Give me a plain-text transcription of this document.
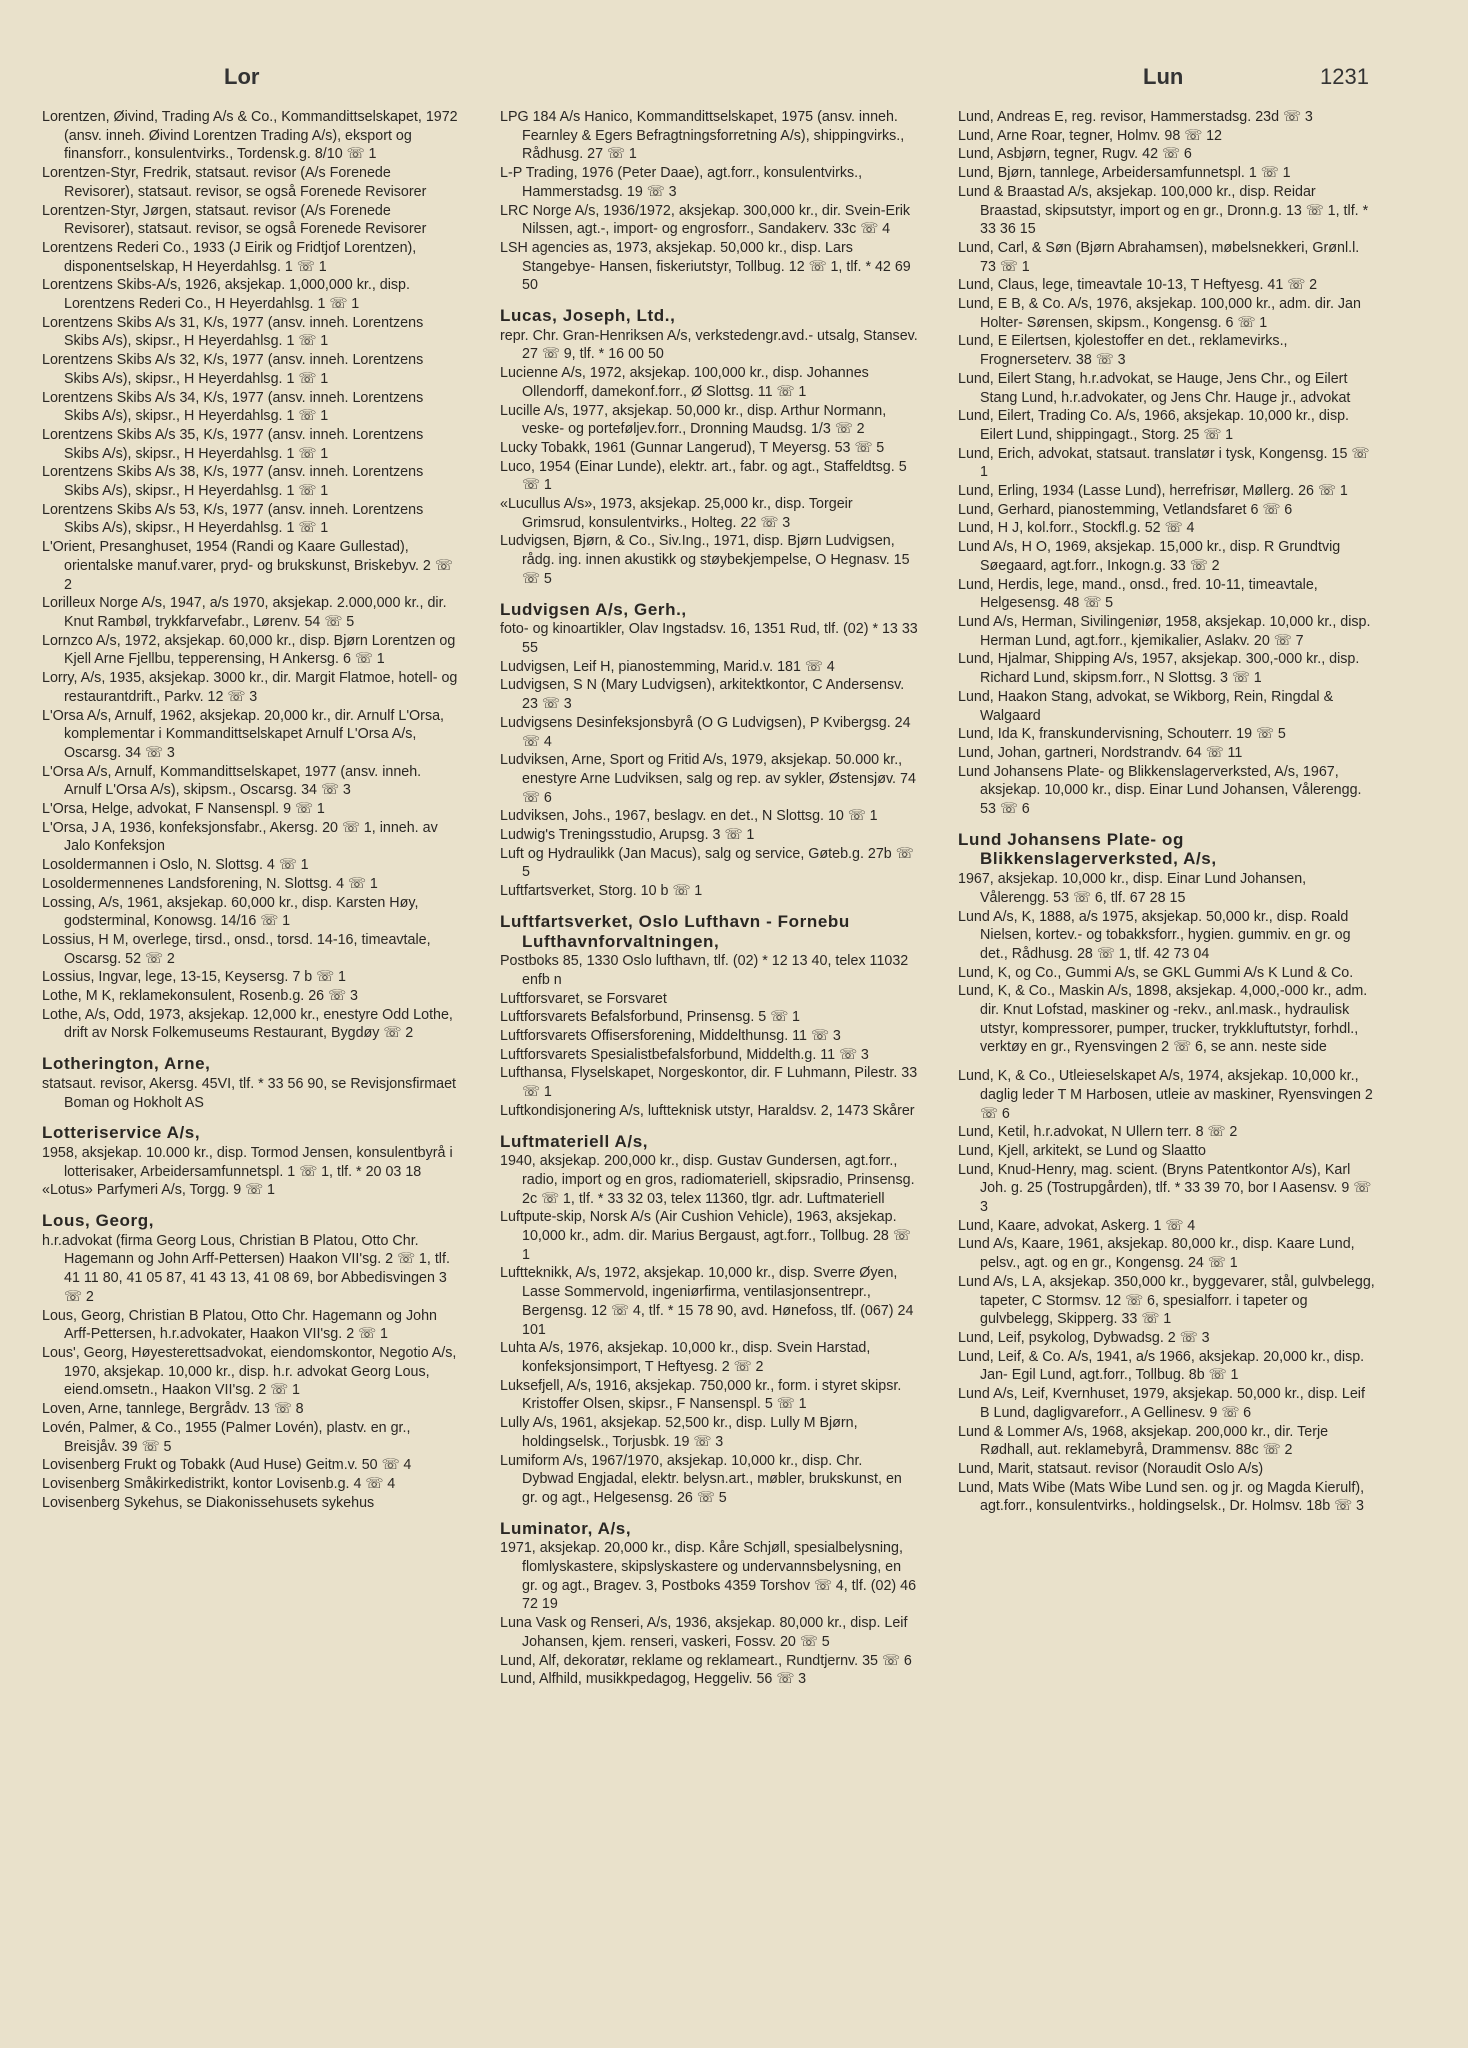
Lor	Lun	1231

Lorentzen, Øivind, Trading A/s & Co., Kommandittselskapet, 1972 (ansv. inneh. Øivind Lorentzen Trading A/s), eksport og finansforr., konsulentvirks., Tordensk.g. 8/10 ☏ 1

Lorentzen-Styr, Fredrik, statsaut. revisor (A/s Forenede Revisorer), statsaut. revisor, se også Forenede Revisorer

Lorentzen-Styr, Jørgen, statsaut. revisor (A/s Forenede Revisorer), statsaut. revisor, se også Forenede Revisorer

Lorentzens Rederi Co., 1933 (J Eirik og Fridtjof Lorentzen), disponentselskap, H Heyerdahlsg. 1 ☏ 1

Lorentzens Skibs-A/s, 1926, aksjekap. 1,000,000 kr., disp. Lorentzens Rederi Co., H Heyerdahlsg. 1 ☏ 1

Lorentzens Skibs A/s 31, K/s, 1977 (ansv. inneh. Lorentzens Skibs A/s), skipsr., H Heyerdahlsg. 1 ☏ 1

Lorentzens Skibs A/s 32, K/s, 1977 (ansv. inneh. Lorentzens Skibs A/s), skipsr., H Heyerdahlsg. 1 ☏ 1

Lorentzens Skibs A/s 34, K/s, 1977 (ansv. inneh. Lorentzens Skibs A/s), skipsr., H Heyerdahlsg. 1 ☏ 1

Lorentzens Skibs A/s 35, K/s, 1977 (ansv. inneh. Lorentzens Skibs A/s), skipsr., H Heyerdahlsg. 1 ☏ 1

Lorentzens Skibs A/s 38, K/s, 1977 (ansv. inneh. Lorentzens Skibs A/s), skipsr., H Heyerdahlsg. 1 ☏ 1

Lorentzens Skibs A/s 53, K/s, 1977 (ansv. inneh. Lorentzens Skibs A/s), skipsr., H Heyerdahlsg. 1 ☏ 1

L'Orient, Presanghuset, 1954 (Randi og Kaare Gullestad), orientalske manuf.varer, pryd- og brukskunst, Briskebyv. 2 ☏ 2

Lorilleux Norge A/s, 1947, a/s 1970, aksjekap. 2.000,000 kr., dir. Knut Rambøl, trykkfarvefabr., Lørenv. 54 ☏ 5

Lornzco A/s, 1972, aksjekap. 60,000 kr., disp. Bjørn Lorentzen og Kjell Arne Fjellbu, tepperensing, H Ankersg. 6 ☏ 1

Lorry, A/s, 1935, aksjekap. 3000 kr., dir. Margit Flatmoe, hotell- og restaurantdrift., Parkv. 12 ☏ 3

L'Orsa A/s, Arnulf, 1962, aksjekap. 20,000 kr., dir. Arnulf L'Orsa, komplementar i Kommandittselskapet Arnulf L'Orsa A/s, Oscarsg. 34 ☏ 3

L'Orsa A/s, Arnulf, Kommandittselskapet, 1977 (ansv. inneh. Arnulf L'Orsa A/s), skipsm., Oscarsg. 34 ☏ 3

L'Orsa, Helge, advokat, F Nansenspl. 9 ☏ 1

L'Orsa, J A, 1936, konfeksjonsfabr., Akersg. 20 ☏ 1, inneh. av Jalo Konfeksjon

Losoldermannen i Oslo, N. Slottsg. 4 ☏ 1

Losoldermennenes Landsforening, N. Slottsg. 4 ☏ 1

Lossing, A/s, 1961, aksjekap. 60,000 kr., disp. Karsten Høy, godsterminal, Konowsg. 14/16 ☏ 1

Lossius, H M, overlege, tirsd., onsd., torsd. 14-16, timeavtale, Oscarsg. 52 ☏ 2

Lossius, Ingvar, lege, 13-15, Keysersg. 7 b ☏ 1

Lothe, M K, reklamekonsulent, Rosenb.g. 26 ☏ 3

Lothe, A/s, Odd, 1973, aksjekap. 12,000 kr., enestyre Odd Lothe, drift av Norsk Folkemuseums Restaurant, Bygdøy ☏ 2

Lotherington, Arne,
statsaut. revisor, Akersg. 45VI, tlf. * 33 56 90, se Revisjonsfirmaet Boman og Hokholt AS

Lotteriservice A/s,
1958, aksjekap. 10.000 kr., disp. Tormod Jensen, konsulentbyrå i lotterisaker, Arbeidersamfunnetspl. 1 ☏ 1, tlf. * 20 03 18

«Lotus» Parfymeri A/s, Torgg. 9 ☏ 1

Lous, Georg,
h.r.advokat (firma Georg Lous, Christian B Platou, Otto Chr. Hagemann og John Arff-Pettersen) Haakon VII'sg. 2 ☏ 1, tlf. 41 11 80, 41 05 87, 41 43 13, 41 08 69, bor Abbedisvingen 3 ☏ 2

Lous, Georg, Christian B Platou, Otto Chr. Hagemann og John Arff-Pettersen, h.r.advokater, Haakon VII'sg. 2 ☏ 1

Lous', Georg, Høyesterettsadvokat, eiendomskontor, Negotio A/s, 1970, aksjekap. 10,000 kr., disp. h.r. advokat Georg Lous, eiend.omsetn., Haakon VII'sg. 2 ☏ 1

Loven, Arne, tannlege, Bergrådv. 13 ☏ 8

Lovén, Palmer, & Co., 1955 (Palmer Lovén), plastv. en gr., Breisjåv. 39 ☏ 5

Lovisenberg Frukt og Tobakk (Aud Huse) Geitm.v. 50 ☏ 4

Lovisenberg Småkirkedistrikt, kontor Lovisenb.g. 4 ☏ 4

Lovisenberg Sykehus, se Diakonissehusets sykehus

LPG 184 A/s Hanico, Kommandittselskapet, 1975 (ansv. inneh. Fearnley & Egers Befragtningsforretning A/s), shippingvirks., Rådhusg. 27 ☏ 1

L-P Trading, 1976 (Peter Daae), agt.forr., konsulentvirks., Hammerstadsg. 19 ☏ 3

LRC Norge A/s, 1936/1972, aksjekap. 300,000 kr., dir. Svein-Erik Nilssen, agt.-, import- og engrosforr., Sandakerv. 33c ☏ 4

LSH agencies as, 1973, aksjekap. 50,000 kr., disp. Lars Stangebye- Hansen, fiskeriutstyr, Tollbug. 12 ☏ 1, tlf. * 42 69 50

Lucas, Joseph, Ltd.,
repr. Chr. Gran-Henriksen A/s, verkstedengr.avd.- utsalg, Stansev. 27 ☏ 9, tlf. * 16 00 50

Lucienne A/s, 1972, aksjekap. 100,000 kr., disp. Johannes Ollendorff, damekonf.forr., Ø Slottsg. 11 ☏ 1

Lucille A/s, 1977, aksjekap. 50,000 kr., disp. Arthur Normann, veske- og porteføljev.forr., Dronning Maudsg. 1/3 ☏ 2

Lucky Tobakk, 1961 (Gunnar Langerud), T Meyersg. 53 ☏ 5

Luco, 1954 (Einar Lunde), elektr. art., fabr. og agt., Staffeldtsg. 5 ☏ 1

«Lucullus A/s», 1973, aksjekap. 25,000 kr., disp. Torgeir Grimsrud, konsulentvirks., Holteg. 22 ☏ 3

Ludvigsen, Bjørn, & Co., Siv.Ing., 1971, disp. Bjørn Ludvigsen, rådg. ing. innen akustikk og støybekjempelse, O Hegnasv. 15 ☏ 5

Ludvigsen A/s, Gerh.,
foto- og kinoartikler, Olav Ingstadsv. 16, 1351 Rud, tlf. (02) * 13 33 55

Ludvigsen, Leif H, pianostemming, Marid.v. 181 ☏ 4

Ludvigsen, S N (Mary Ludvigsen), arkitektkontor, C Andersensv. 23 ☏ 3

Ludvigsens Desinfeksjonsbyrå (O G Ludvigsen), P Kvibergsg. 24 ☏ 4

Ludviksen, Arne, Sport og Fritid A/s, 1979, aksjekap. 50.000 kr., enestyre Arne Ludviksen, salg og rep. av sykler, Østensjøv. 74 ☏ 6

Ludviksen, Johs., 1967, beslagv. en det., N Slottsg. 10 ☏ 1

Ludwig's Treningsstudio, Arupsg. 3 ☏ 1

Luft og Hydraulikk (Jan Macus), salg og service, Gøteb.g. 27b ☏ 5

Luftfartsverket, Storg. 10 b ☏ 1

Luftfartsverket, Oslo Lufthavn - Fornebu Lufthavnforvaltningen,
Postboks 85, 1330 Oslo lufthavn, tlf. (02) * 12 13 40, telex 11032 enfb n

Luftforsvaret, se Forsvaret

Luftforsvarets Befalsforbund, Prinsensg. 5 ☏ 1

Luftforsvarets Offisersforening, Middelthunsg. 11 ☏ 3

Luftforsvarets Spesialistbefalsforbund, Middelth.g. 11 ☏ 3

Lufthansa, Flyselskapet, Norgeskontor, dir. F Luhmann, Pilestr. 33 ☏ 1

Luftkondisjonering A/s, luftteknisk utstyr, Haraldsv. 2, 1473 Skårer

Luftmateriell A/s,
1940, aksjekap. 200,000 kr., disp. Gustav Gundersen, agt.forr., radio, import og en gros, radiomateriell, skipsradio, Prinsensg. 2c ☏ 1, tlf. * 33 32 03, telex 11360, tlgr. adr. Luftmateriell

Luftpute-skip, Norsk A/s (Air Cushion Vehicle), 1963, aksjekap. 10,000 kr., adm. dir. Marius Bergaust, agt.forr., Tollbug. 28 ☏ 1

Luftteknikk, A/s, 1972, aksjekap. 10,000 kr., disp. Sverre Øyen, Lasse Sommervold, ingeniørfirma, ventilasjonsentrepr., Bergensg. 12 ☏ 4, tlf. * 15 78 90, avd. Hønefoss, tlf. (067) 24 101

Luhta A/s, 1976, aksjekap. 10,000 kr., disp. Svein Harstad, konfeksjonsimport, T Heftyesg. 2 ☏ 2

Luksefjell, A/s, 1916, aksjekap. 750,000 kr., form. i styret skipsr. Kristoffer Olsen, skipsr., F Nansenspl. 5 ☏ 1

Lully A/s, 1961, aksjekap. 52,500 kr., disp. Lully M Bjørn, holdingselsk., Torjusbk. 19 ☏ 3

Lumiform A/s, 1967/1970, aksjekap. 10,000 kr., disp. Chr. Dybwad Engjadal, elektr. belysn.art., møbler, brukskunst, en gr. og agt., Helgesensg. 26 ☏ 5

Luminator, A/s,
1971, aksjekap. 20,000 kr., disp. Kåre Schjøll, spesialbelysning, flomlyskastere, skipslyskastere og undervannsbelysning, en gr. og agt., Bragev. 3, Postboks 4359 Torshov ☏ 4, tlf. (02) 46 72 19

Luna Vask og Renseri, A/s, 1936, aksjekap. 80,000 kr., disp. Leif Johansen, kjem. renseri, vaskeri, Fossv. 20 ☏ 5

Lund, Alf, dekoratør, reklame og reklameart., Rundtjernv. 35 ☏ 6

Lund, Alfhild, musikkpedagog, Heggeliv. 56 ☏ 3

Lund, Andreas E, reg. revisor, Hammerstadsg. 23d ☏ 3

Lund, Arne Roar, tegner, Holmv. 98 ☏ 12

Lund, Asbjørn, tegner, Rugv. 42 ☏ 6

Lund, Bjørn, tannlege, Arbeidersamfunnetspl. 1 ☏ 1

Lund & Braastad A/s, aksjekap. 100,000 kr., disp. Reidar Braastad, skipsutstyr, import og en gr., Dronn.g. 13 ☏ 1, tlf. * 33 36 15

Lund, Carl, & Søn (Bjørn Abrahamsen), møbelsnekkeri, Grønl.l. 73 ☏ 1

Lund, Claus, lege, timeavtale 10-13, T Heftyesg. 41 ☏ 2

Lund, E B, & Co. A/s, 1976, aksjekap. 100,000 kr., adm. dir. Jan Holter- Sørensen, skipsm., Kongensg. 6 ☏ 1

Lund, E Eilertsen, kjolestoffer en det., reklamevirks., Frognerseterv. 38 ☏ 3

Lund, Eilert Stang, h.r.advokat, se Hauge, Jens Chr., og Eilert Stang Lund, h.r.advokater, og Jens Chr. Hauge jr., advokat

Lund, Eilert, Trading Co. A/s, 1966, aksjekap. 10,000 kr., disp. Eilert Lund, shippingagt., Storg. 25 ☏ 1

Lund, Erich, advokat, statsaut. translatør i tysk, Kongensg. 15 ☏ 1

Lund, Erling, 1934 (Lasse Lund), herrefrisør, Møllerg. 26 ☏ 1

Lund, Gerhard, pianostemming, Vetlandsfaret 6 ☏ 6

Lund, H J, kol.forr., Stockfl.g. 52 ☏ 4

Lund A/s, H O, 1969, aksjekap. 15,000 kr., disp. R Grundtvig Søegaard, agt.forr., Inkogn.g. 33 ☏ 2

Lund, Herdis, lege, mand., onsd., fred. 10-11, timeavtale, Helgesensg. 48 ☏ 5

Lund A/s, Herman, Sivilingeniør, 1958, aksjekap. 10,000 kr., disp. Herman Lund, agt.forr., kjemikalier, Aslakv. 20 ☏ 7

Lund, Hjalmar, Shipping A/s, 1957, aksjekap. 300,-000 kr., disp. Richard Lund, skipsm.forr., N Slottsg. 3 ☏ 1

Lund, Haakon Stang, advokat, se Wikborg, Rein, Ringdal & Walgaard

Lund, Ida K, franskundervisning, Schouterr. 19 ☏ 5

Lund, Johan, gartneri, Nordstrandv. 64 ☏ 11

Lund Johansens Plate- og Blikkenslagerverksted, A/s, 1967, aksjekap. 10,000 kr., disp. Einar Lund Johansen, Vålerengg. 53 ☏ 6

Lund Johansens Plate- og Blikkenslagerverksted, A/s,
1967, aksjekap. 10,000 kr., disp. Einar Lund Johansen, Vålerengg. 53 ☏ 6, tlf. 67 28 15

Lund A/s, K, 1888, a/s 1975, aksjekap. 50,000 kr., disp. Roald Nielsen, kortev.- og tobakksforr., hygien. gummiv. en gr. og det., Rådhusg. 28 ☏ 1, tlf. 42 73 04

Lund, K, og Co., Gummi A/s, se GKL Gummi A/s K Lund & Co.

Lund, K, & Co., Maskin A/s, 1898, aksjekap. 4,000,-000 kr., adm. dir. Knut Lofstad, maskiner og -rekv., anl.mask., hydraulisk utstyr, kompressorer, pumper, trucker, trykkluftutstyr, forhdl., verktøy en gr., Ryensvingen 2 ☏ 6, se ann. neste side

Lund, K, & Co., Utleieselskapet A/s, 1974, aksjekap. 10,000 kr., daglig leder T M Harbosen, utleie av maskiner, Ryensvingen 2 ☏ 6

Lund, Ketil, h.r.advokat, N Ullern terr. 8 ☏ 2

Lund, Kjell, arkitekt, se Lund og Slaatto

Lund, Knud-Henry, mag. scient. (Bryns Patentkontor A/s), Karl Joh. g. 25 (Tostrupgården), tlf. * 33 39 70, bor I Aasensv. 9 ☏ 3

Lund, Kaare, advokat, Askerg. 1 ☏ 4

Lund A/s, Kaare, 1961, aksjekap. 80,000 kr., disp. Kaare Lund, pelsv., agt. og en gr., Kongensg. 24 ☏ 1

Lund A/s, L A, aksjekap. 350,000 kr., byggevarer, stål, gulvbelegg, tapeter, C Stormsv. 12 ☏ 6, spesialforr. i tapeter og gulvbelegg, Skipperg. 33 ☏ 1

Lund, Leif, psykolog, Dybwadsg. 2 ☏ 3

Lund, Leif, & Co. A/s, 1941, a/s 1966, aksjekap. 20,000 kr., disp. Jan- Egil Lund, agt.forr., Tollbug. 8b ☏ 1

Lund A/s, Leif, Kvernhuset, 1979, aksjekap. 50,000 kr., disp. Leif B Lund, dagligvareforr., A Gellinesv. 9 ☏ 6

Lund & Lommer A/s, 1968, aksjekap. 200,000 kr., dir. Terje Rødhall, aut. reklamebyrå, Drammensv. 88c ☏ 2

Lund, Marit, statsaut. revisor (Noraudit Oslo A/s)

Lund, Mats Wibe (Mats Wibe Lund sen. og jr. og Magda Kierulf), agt.forr., konsulentvirks., holdingselsk., Dr. Holmsv. 18b ☏ 3
